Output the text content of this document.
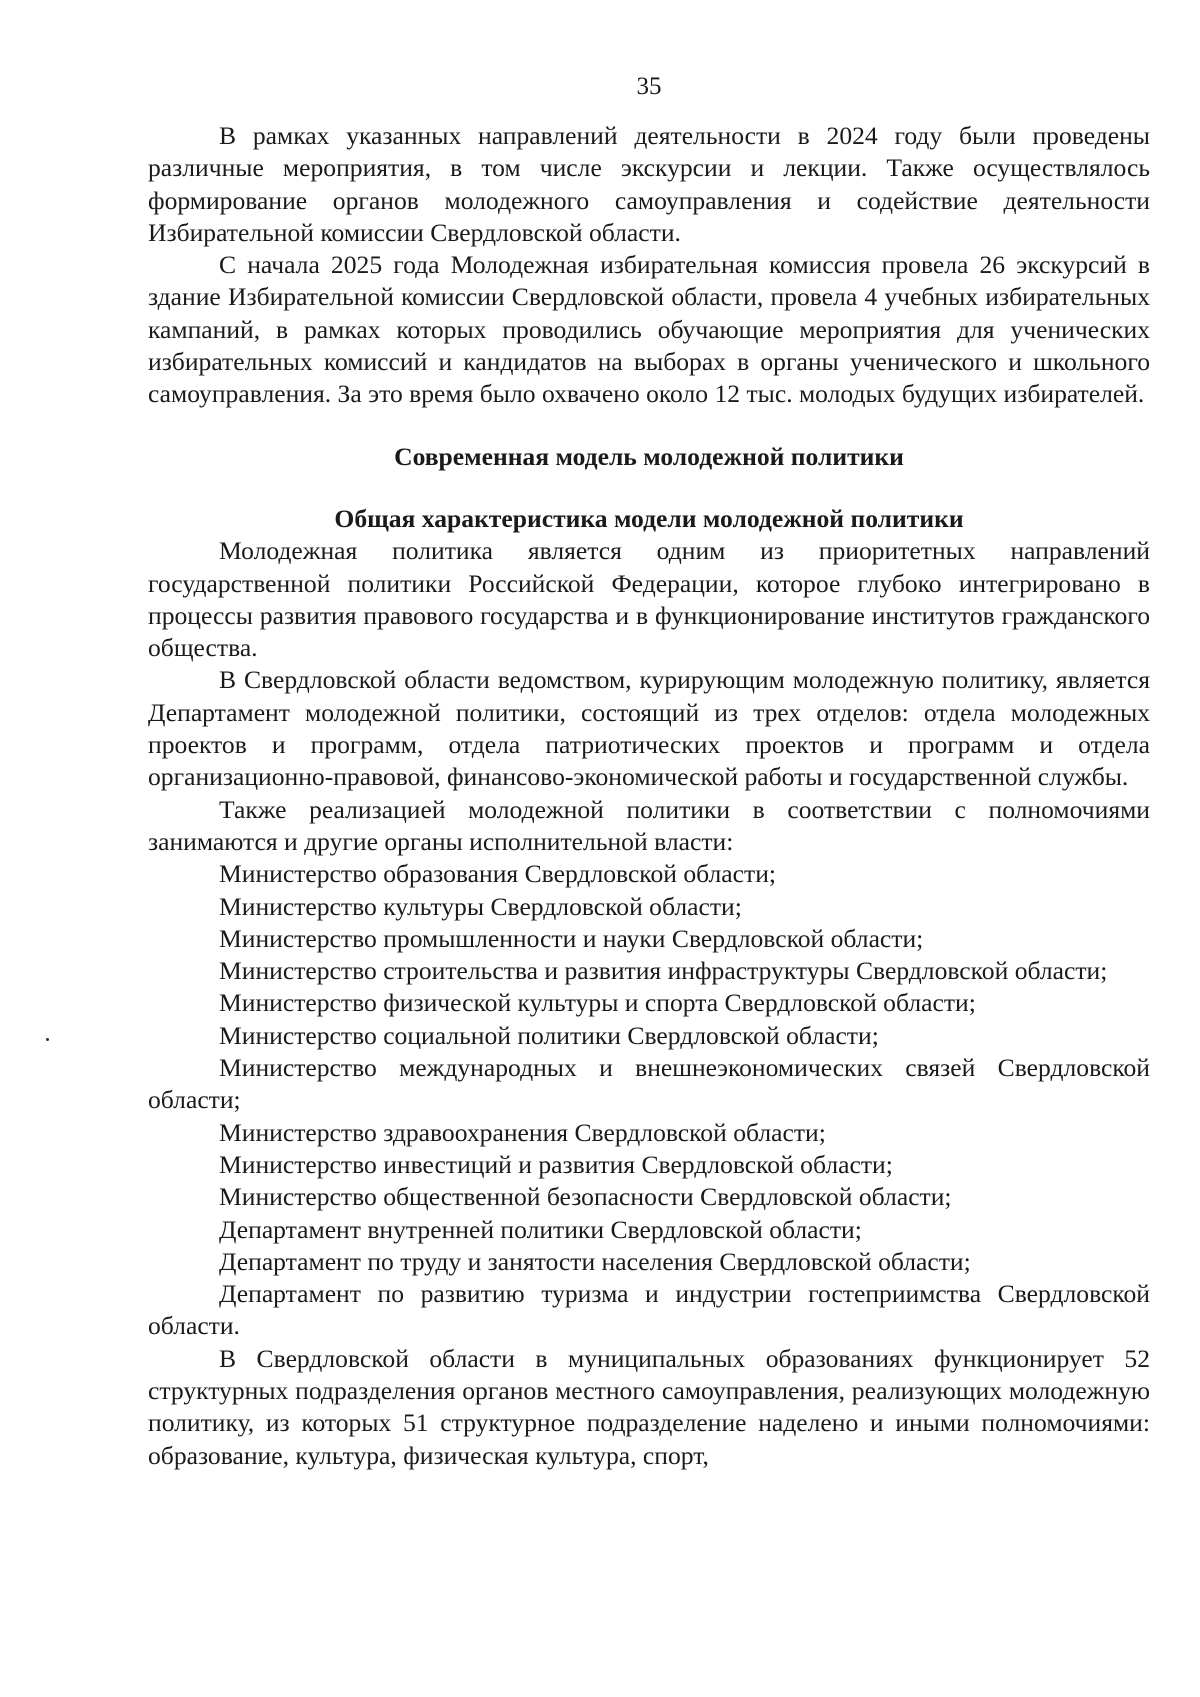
35

В рамках указанных направлений деятельности в 2024 году были проведены различные мероприятия, в том числе экскурсии и лекции. Также осуществлялось формирование органов молодежного самоуправления и содействие деятельности Избирательной комиссии Свердловской области.

С начала 2025 года Молодежная избирательная комиссия провела 26 экскурсий в здание Избирательной комиссии Свердловской области, провела 4 учебных избирательных кампаний, в рамках которых проводились обучающие мероприятия для ученических избирательных комиссий и кандидатов на выборах в органы ученического и школьного самоуправления. За это время было охвачено около 12 тыс. молодых будущих избирателей.

Современная модель молодежной политики

Общая характеристика модели молодежной политики

Молодежная политика является одним из приоритетных направлений государственной политики Российской Федерации, которое глубоко интегрировано в процессы развития правового государства и в функционирование институтов гражданского общества.

В Свердловской области ведомством, курирующим молодежную политику, является Департамент молодежной политики, состоящий из трех отделов: отдела молодежных проектов и программ, отдела патриотических проектов и программ и отдела организационно-правовой, финансово-экономической работы и государственной службы.

Также реализацией молодежной политики в соответствии с полномочиями занимаются и другие органы исполнительной власти:

Министерство образования Свердловской области;

Министерство культуры Свердловской области;

Министерство промышленности и науки Свердловской области;

Министерство строительства и развития инфраструктуры Свердловской области;

Министерство физической культуры и спорта Свердловской области;

Министерство социальной политики Свердловской области;

Министерство международных и внешнеэкономических связей Свердловской области;

Министерство здравоохранения Свердловской области;

Министерство инвестиций и развития Свердловской области;

Министерство общественной безопасности Свердловской области;

Департамент внутренней политики Свердловской области;

Департамент по труду и занятости населения Свердловской области;

Департамент по развитию туризма и индустрии гостеприимства Свердловской области.

В Свердловской области в муниципальных образованиях функционирует 52 структурных подразделения органов местного самоуправления, реализующих молодежную политику, из которых 51 структурное подразделение наделено и иными полномочиями: образование, культура, физическая культура, спорт,
